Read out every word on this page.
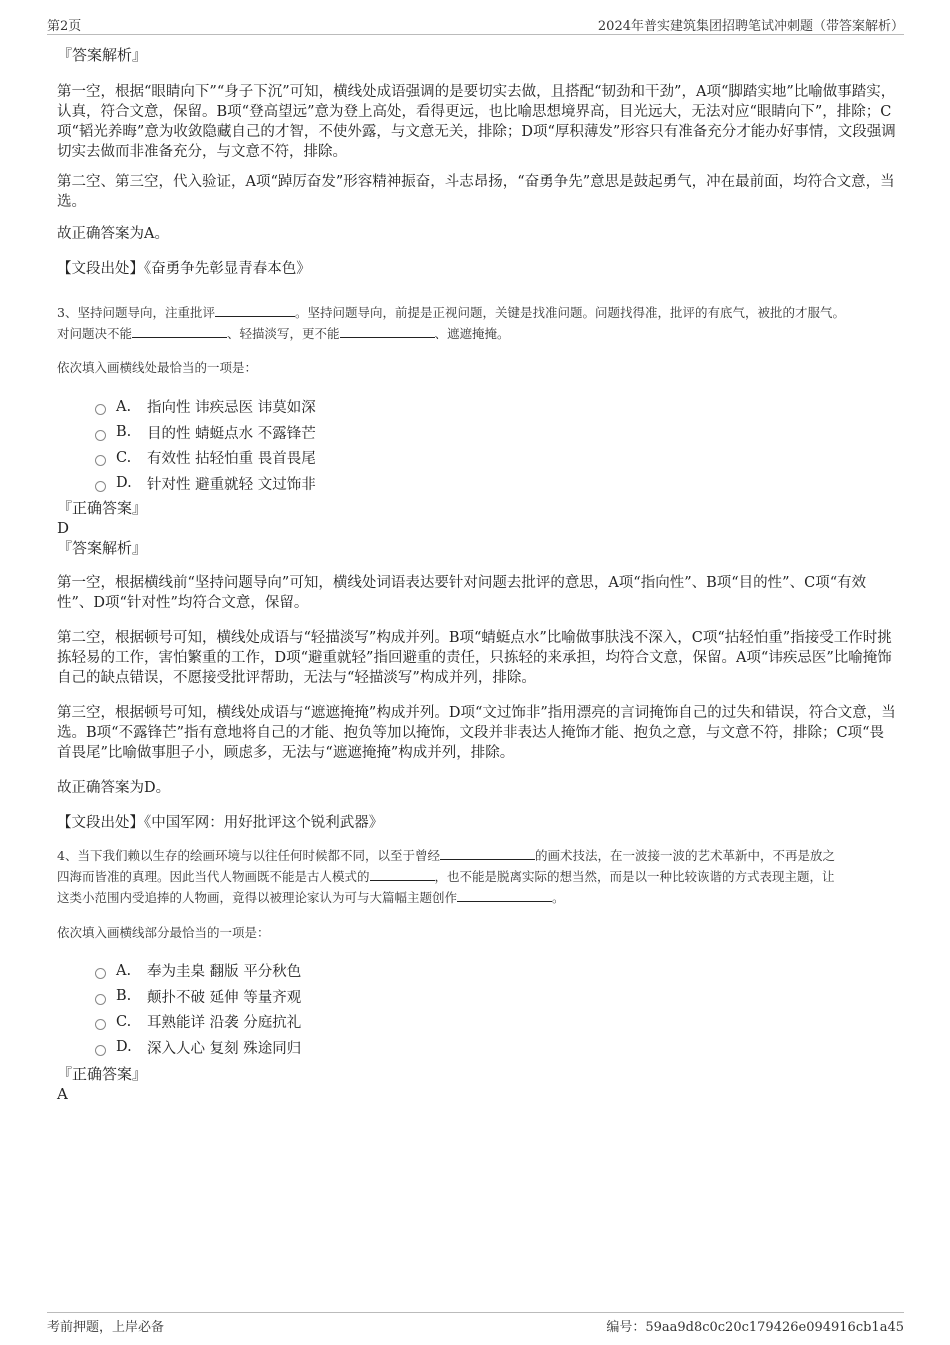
第2页	2024年普实建筑集团招聘笔试冲刺题（带答案解析）
『答案解析』

第一空，根据“眼睛向下”“身子下沉”可知，横线处成语强调的是要切实去做，且搭配“韧劲和干劲”，A项“脚踏实地”比喻做事踏实，认真，符合文意，保留。B项“登高望远”意为登上高处，看得更远，也比喻思想境界高，目光远大，无法对应“眼睛向下”，排除；C项“韬光养晦”意为收敛隐藏自己的才智，不使外露，与文意无关，排除；D项“厚积薄发”形容只有准备充分才能办好事情，文段强调切实去做而非准备充分，与文意不符，排除。

第二空、第三空，代入验证，A项“踔厉奋发”形容精神振奋，斗志昂扬，“奋勇争先”意思是鼓起勇气，冲在最前面，均符合文意，当选。

故正确答案为A。

【文段出处】《奋勇争先彰显青春本色》

3、坚持问题导向，注重批评	。坚持问题导向，前提是正视问题，关键是找准问题。问题找得准，批评的有底气，被批的才服气。
对问题决不能	、轻描淡写，更不能	、遮遮掩掩。
依次填入画横线处最恰当的一项是：
A.	指向性 讳疾忌医 讳莫如深
B.	目的性 蜻蜓点水 不露锋芒
C.	有效性 拈轻怕重 畏首畏尾
D.	针对性 避重就轻 文过饰非
『正确答案』
D
『答案解析』

第一空，根据横线前“坚持问题导向”可知，横线处词语表达要针对问题去批评的意思，A项“指向性”、B项“目的性”、C项“有效性”、D项“针对性”均符合文意，保留。

第二空，根据顿号可知，横线处成语与“轻描淡写”构成并列。B项“蜻蜓点水”比喻做事肤浅不深入，C项“拈轻怕重”指接受工作时挑拣轻易的工作，害怕繁重的工作，D项“避重就轻”指回避重的责任，只拣轻的来承担，均符合文意，保留。A项“讳疾忌医”比喻掩饰自己的缺点错误，不愿接受批评帮助，无法与“轻描淡写”构成并列，排除。

第三空，根据顿号可知，横线处成语与“遮遮掩掩”构成并列。D项“文过饰非”指用漂亮的言词掩饰自己的过失和错误，符合文意，当选。B项“不露锋芒”指有意地将自己的才能、抱负等加以掩饰，文段并非表达人掩饰才能、抱负之意，与文意不符，排除；C项“畏首畏尾”比喻做事胆子小，顾虑多，无法与“遮遮掩掩”构成并列，排除。

故正确答案为D。

【文段出处】《中国军网：用好批评这个锐利武器》

4、当下我们赖以生存的绘画环境与以往任何时候都不同，以至于曾经	的画术技法，在一波接一波的艺术革新中，不再是放之
四海而皆准的真理。因此当代人物画既不能是古人模式的	，也不能是脱离实际的想当然，而是以一种比较诙谐的方式表现主题，让
这类小范围内受追捧的人物画，竟得以被理论家认为可与大篇幅主题创作	。
依次填入画横线部分最恰当的一项是：
A.	奉为圭臬 翻版 平分秋色
B.	颠扑不破 延伸 等量齐观
C.	耳熟能详 沿袭 分庭抗礼
D.	深入人心 复刻 殊途同归
『正确答案』
A
考前押题，上岸必备	编号：59aa9d8c0c20c179426e094916cb1a45
